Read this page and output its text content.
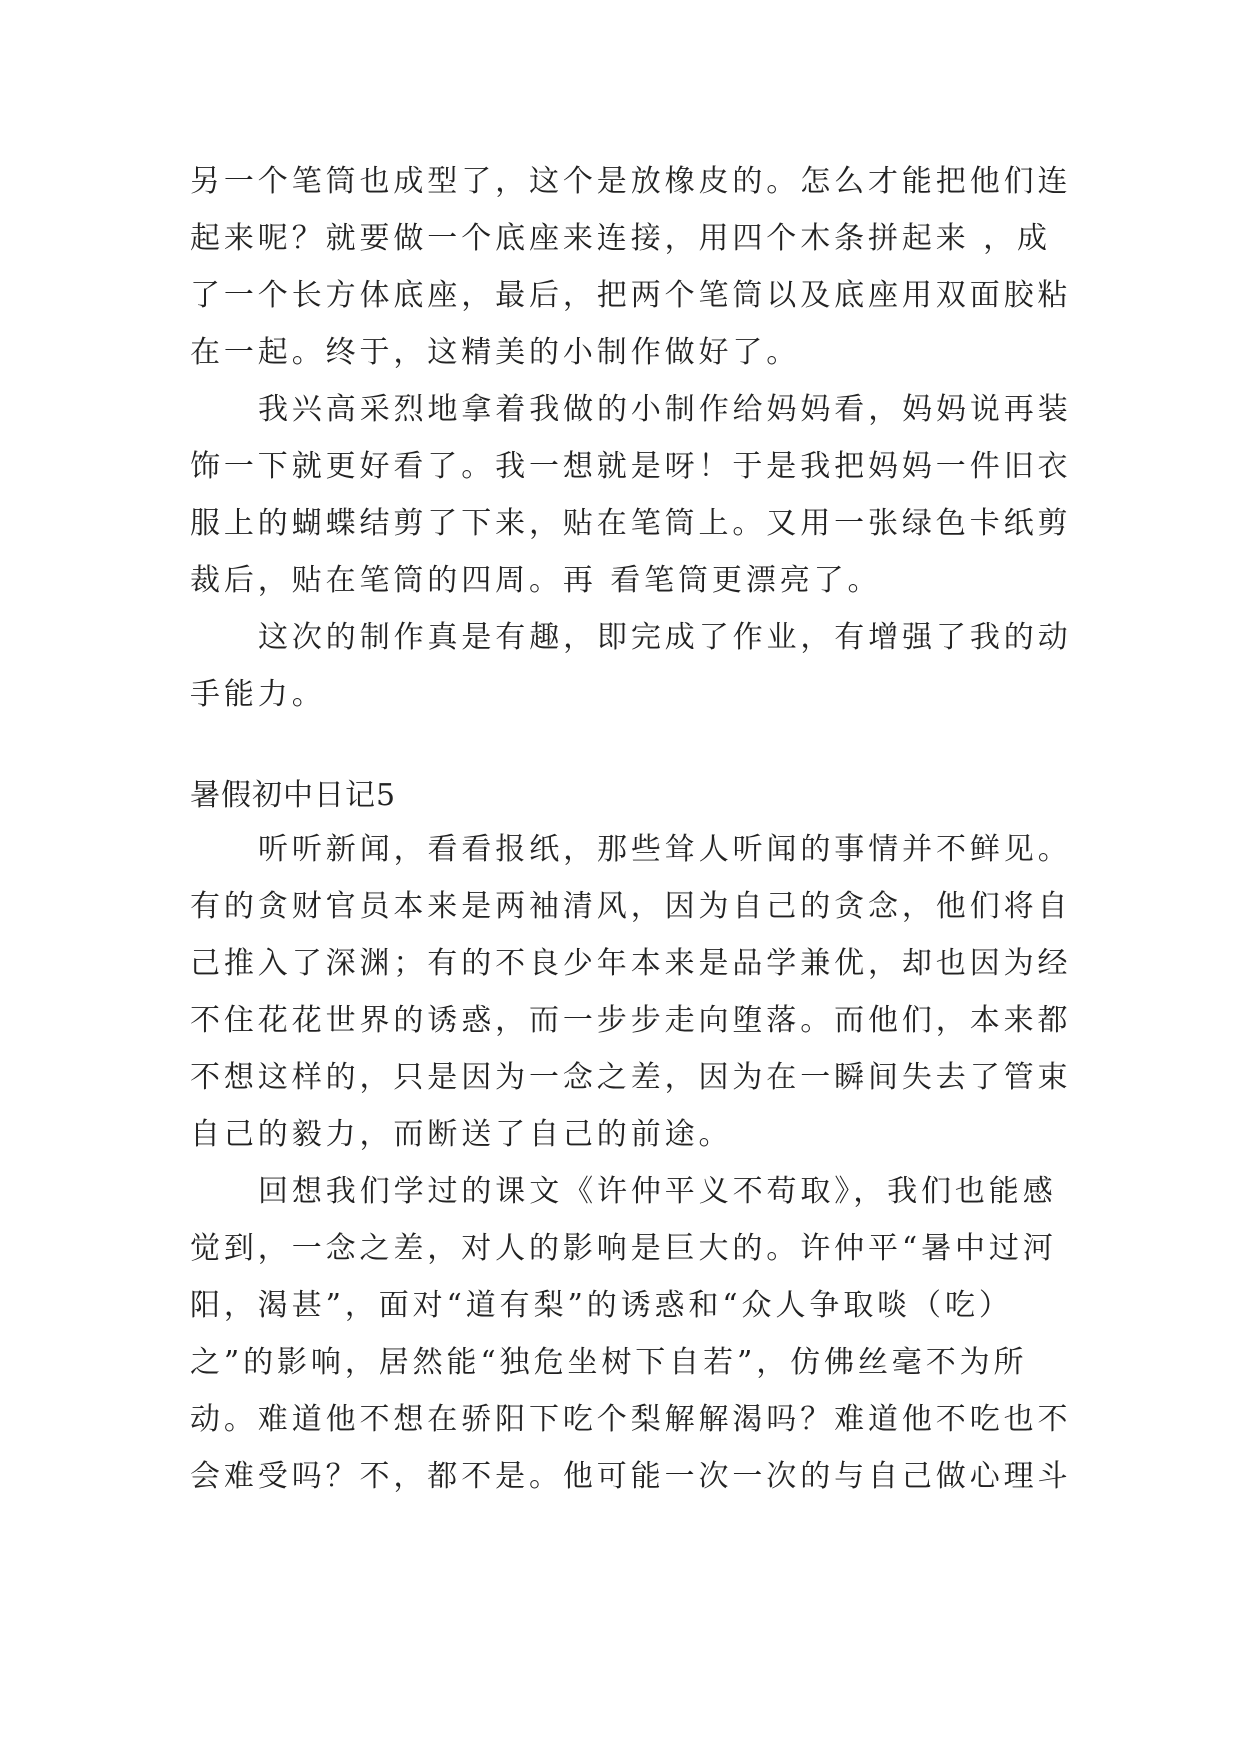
另一个笔筒也成型了，这个是放橡皮的。怎么才能把他们连
起来呢？就要做一个底座来连接，用四个木条拼起来 ，成
了一个长方体底座，最后，把两个笔筒以及底座用双面胶粘
在一起。终于，这精美的小制作做好了。
我兴高采烈地拿着我做的小制作给妈妈看，妈妈说再装
饰一下就更好看了。我一想就是呀！于是我把妈妈一件旧衣
服上的蝴蝶结剪了下来，贴在笔筒上。又用一张绿色卡纸剪
裁后，贴在笔筒的四周。再 看笔筒更漂亮了。
这次的制作真是有趣，即完成了作业，有增强了我的动
手能力。
暑假初中日记5
听听新闻，看看报纸，那些耸人听闻的事情并不鲜见。
有的贪财官员本来是两袖清风，因为自己的贪念，他们将自
己推入了深渊；有的不良少年本来是品学兼优，却也因为经
不住花花世界的诱惑，而一步步走向堕落。而他们，本来都
不想这样的，只是因为一念之差，因为在一瞬间失去了管束
自己的毅力，而断送了自己的前途。
回想我们学过的课文《许仲平义不苟取》，我们也能感
觉到，一念之差，对人的影响是巨大的。许仲平“暑中过河
阳，渴甚”，面对“道有梨”的诱惑和“众人争取啖（吃）
之”的影响，居然能“独危坐树下自若”，仿佛丝毫不为所
动。难道他不想在骄阳下吃个梨解解渴吗？难道他不吃也不
会难受吗？不，都不是。他可能一次一次的与自己做心理斗
